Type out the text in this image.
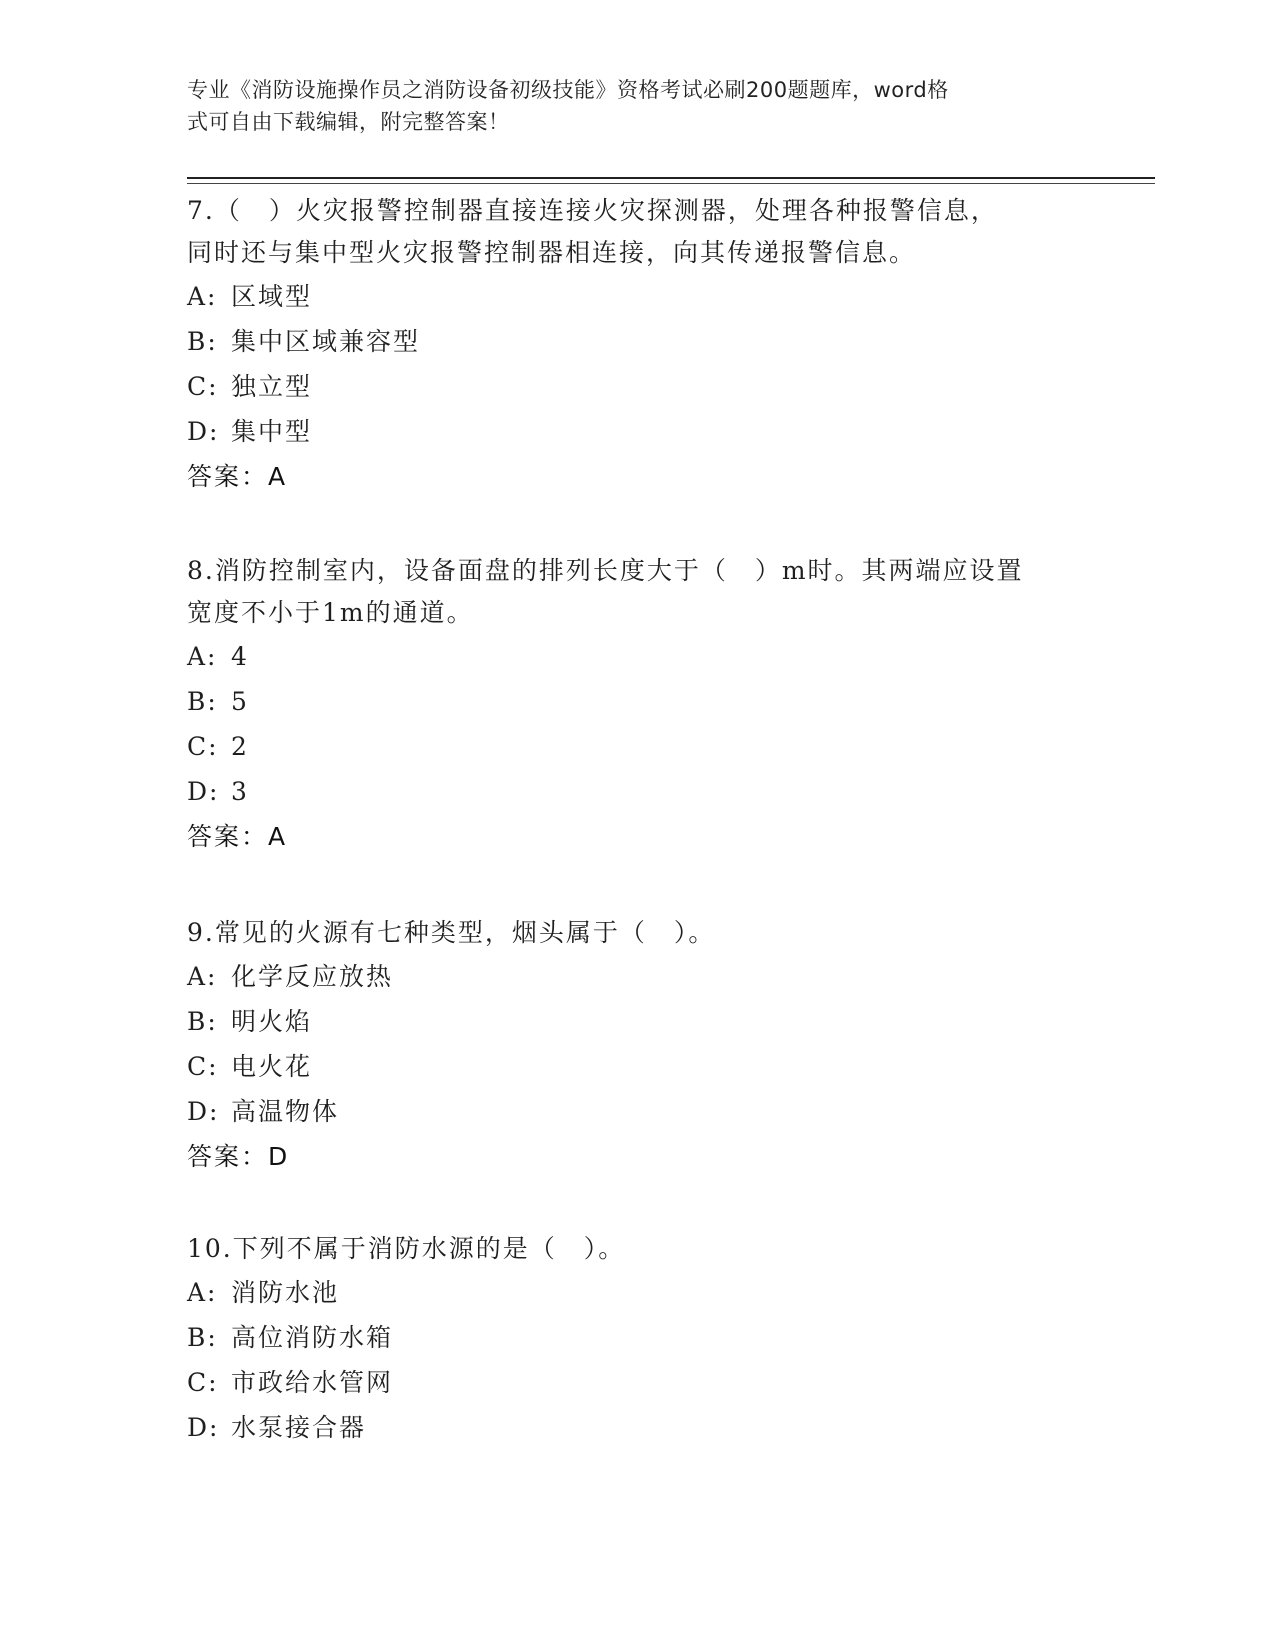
专业《消防设施操作员之消防设备初级技能》资格考试必刷200题题库，word格
式可自由下载编辑，附完整答案！
7.（　）火灾报警控制器直接连接火灾探测器，处理各种报警信息，
同时还与集中型火灾报警控制器相连接，向其传递报警信息。
A: 区域型
B: 集中区域兼容型
C: 独立型
D: 集中型
答案：A
8.消防控制室内，设备面盘的排列长度大于（　）m时。其两端应设置
宽度不小于1m的通道。
A: 4
B: 5
C: 2
D: 3
答案：A
9.常见的火源有七种类型，烟头属于（　）。
A: 化学反应放热
B: 明火焰
C: 电火花
D: 高温物体
答案：D
10.下列不属于消防水源的是（　）。
A: 消防水池
B: 高位消防水箱
C: 市政给水管网
D: 水泵接合器
